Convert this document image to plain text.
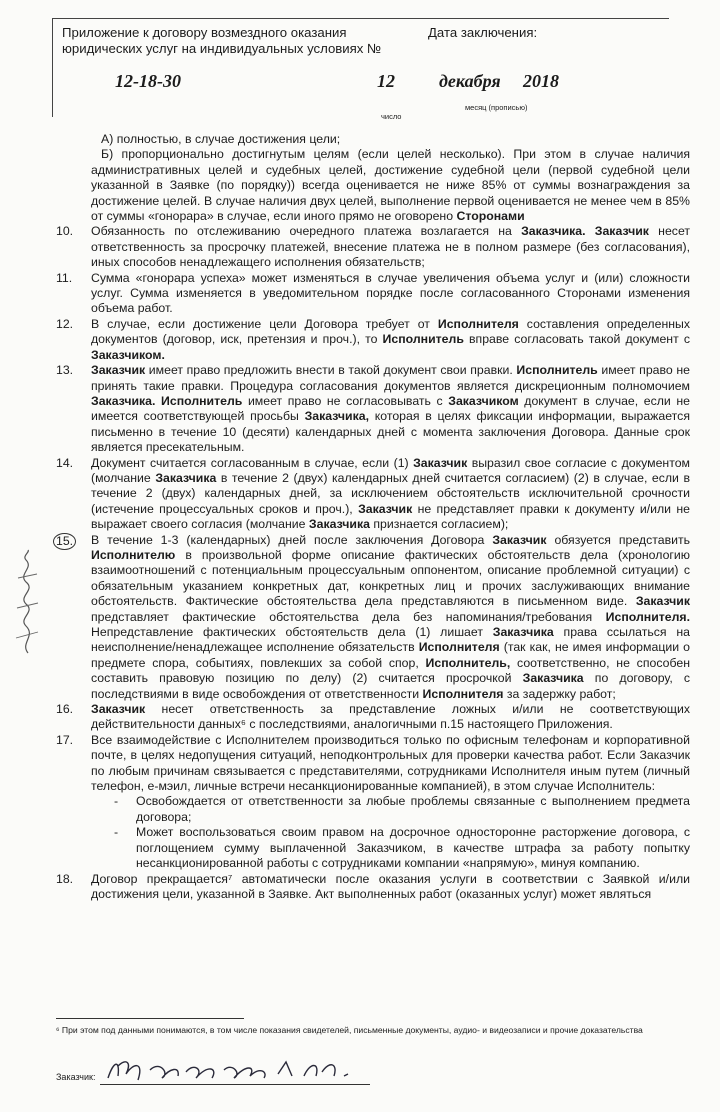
Приложение к договору возмездного оказания юридических услуг на индивидуальных условиях №
Дата заключения:
12-18-30	12 декабря 2018
число
месяц (прописью)

А) полностью, в случае достижения цели;

Б) пропорционально достигнутым целям (если целей несколько). При этом в случае наличия административных целей и судебных целей, достижение судебной цели (первой судебной цели указанной в Заявке (по порядку)) всегда оценивается не ниже 85% от суммы вознаграждения за достижение целей. В случае наличия двух целей, выполнение первой оценивается не менее чем в 85% от суммы «гонорара» в случае, если иного прямо не оговорено Сторонами

10.	Обязанность по отслеживанию очередного платежа возлагается на Заказчика. Заказчик несет ответственность за просрочку платежей, внесение платежа не в полном размере (без согласования), иных способов ненадлежащего исполнения обязательств;
11.	Сумма «гонорара успеха» может изменяться в случае увеличения объема услуг и (или) сложности услуг. Сумма изменяется в уведомительном порядке после согласованного Сторонами изменения объема работ.
12.	В случае, если достижение цели Договора требует от Исполнителя составления определенных документов (договор, иск, претензия и проч.), то Исполнитель вправе согласовать такой документ с Заказчиком.
13.	Заказчик имеет право предложить внести в такой документ свои правки. Исполнитель имеет право не принять такие правки. Процедура согласования документов является дискреционным полномочием Заказчика. Исполнитель имеет право не согласовывать с Заказчиком документ в случае, если не имеется соответствующей просьбы Заказчика, которая в целях фиксации информации, выражается письменно в течение 10 (десяти) календарных дней с момента заключения Договора. Данные срок является пресекательным.
14.	Документ считается согласованным в случае, если (1) Заказчик выразил свое согласие с документом (молчание Заказчика в течение 2 (двух) календарных дней считается согласием) (2) в случае, если в течение 2 (двух) календарных дней, за исключением обстоятельств исключительной срочности (истечение процессуальных сроков и проч.), Заказчик не представляет правки к документу и/или не выражает своего согласия (молчание Заказчика признается согласием);
15.	В течение 1-3 (календарных) дней после заключения Договора Заказчик обязуется представить Исполнителю в произвольной форме описание фактических обстоятельств дела (хронологию взаимоотношений с потенциальным процессуальным оппонентом, описание проблемной ситуации) с обязательным указанием конкретных дат, конкретных лиц и прочих заслуживающих внимание обстоятельств. Фактические обстоятельства дела представляются в письменном виде. Заказчик представляет фактические обстоятельства дела без напоминания/требования Исполнителя. Непредставление фактических обстоятельств дела (1) лишает Заказчика права ссылаться на неисполнение/ненадлежащее исполнение обязательств Исполнителя (так как, не имея информации о предмете спора, событиях, повлекших за собой спор, Исполнитель, соответственно, не способен составить правовую позицию по делу) (2) считается просрочкой Заказчика по договору, с последствиями в виде освобождения от ответственности Исполнителя за задержку работ;
16.	Заказчик несет ответственность за представление ложных и/или не соответствующих действительности данных⁶ с последствиями, аналогичными п.15 настоящего Приложения.
17.	Все взаимодействие с Исполнителем производиться только по офисным телефонам и корпоративной почте, в целях недопущения ситуаций, неподконтрольных для проверки качества работ. Если Заказчик по любым причинам связывается с представителями, сотрудниками Исполнителя иным путем (личный телефон, е-мэил, личные встречи несанкционированные компанией), в этом случае Исполнитель:
-	Освобождается от ответственности за любые проблемы связанные с выполнением предмета договора;
-	Может воспользоваться своим правом на досрочное односторонне расторжение договора, с поглощением сумму выплаченной Заказчиком, в качестве штрафа за работу попытку несанкционированной работы с сотрудниками компании «напрямую», минуя компанию.
18.	Договор прекращается⁷ автоматически после оказания услуги в соответствии с Заявкой и/или достижения цели, указанной в Заявке. Акт выполненных работ (оказанных услуг) может являться
⁶ При этом под данными понимаются, в том числе показания свидетелей, письменные документы, аудио- и видеозаписи и прочие доказательства
Заказчик:
